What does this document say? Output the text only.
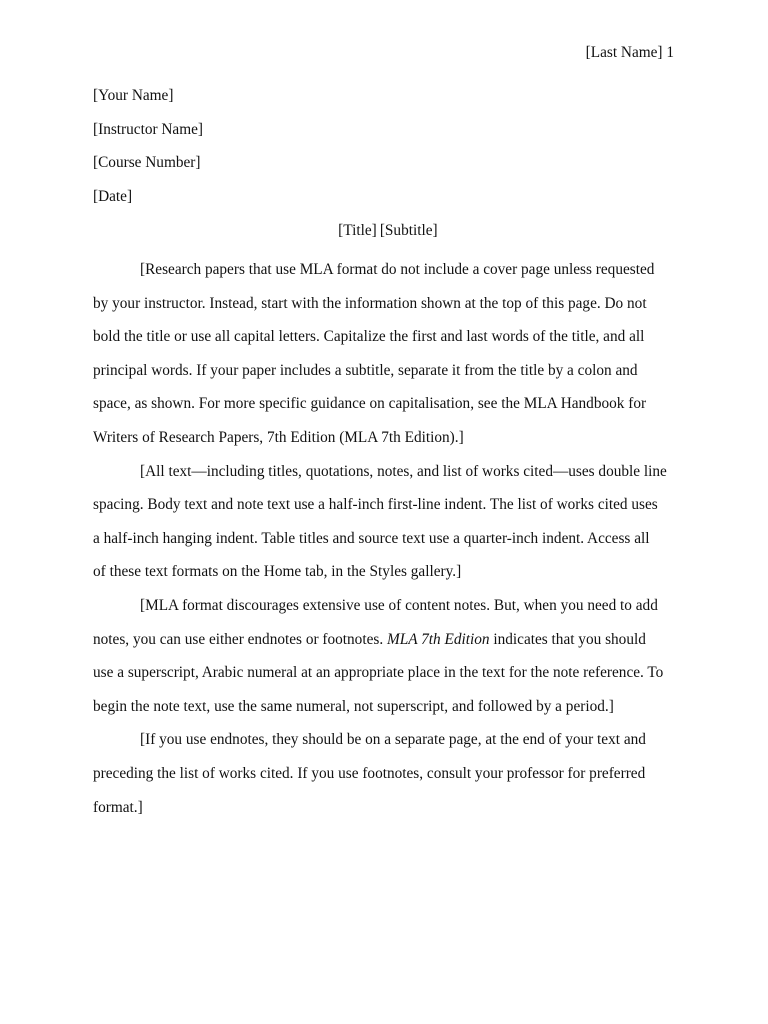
[Last Name] 1
[Your Name]
[Instructor Name]
[Course Number]
[Date]
[Title] [Subtitle]

[Research papers that use MLA format do not include a cover page unless requested
by your instructor. Instead, start with the information shown at the top of this page. Do not
bold the title or use all capital letters. Capitalize the first and last words of the title, and all
principal words. If your paper includes a subtitle, separate it from the title by a colon and
space, as shown. For more specific guidance on capitalisation, see the MLA Handbook for
Writers of Research Papers, 7th Edition (MLA 7th Edition).]

[All text—including titles, quotations, notes, and list of works cited—uses double line
spacing. Body text and note text use a half-inch first-line indent. The list of works cited uses
a half-inch hanging indent. Table titles and source text use a quarter-inch indent. Access all
of these text formats on the Home tab, in the Styles gallery.]

[MLA format discourages extensive use of content notes. But, when you need to add
notes, you can use either endnotes or footnotes. MLA 7th Edition indicates that you should
use a superscript, Arabic numeral at an appropriate place in the text for the note reference. To
begin the note text, use the same numeral, not superscript, and followed by a period.]

[If you use endnotes, they should be on a separate page, at the end of your text and
preceding the list of works cited. If you use footnotes, consult your professor for preferred
format.]
